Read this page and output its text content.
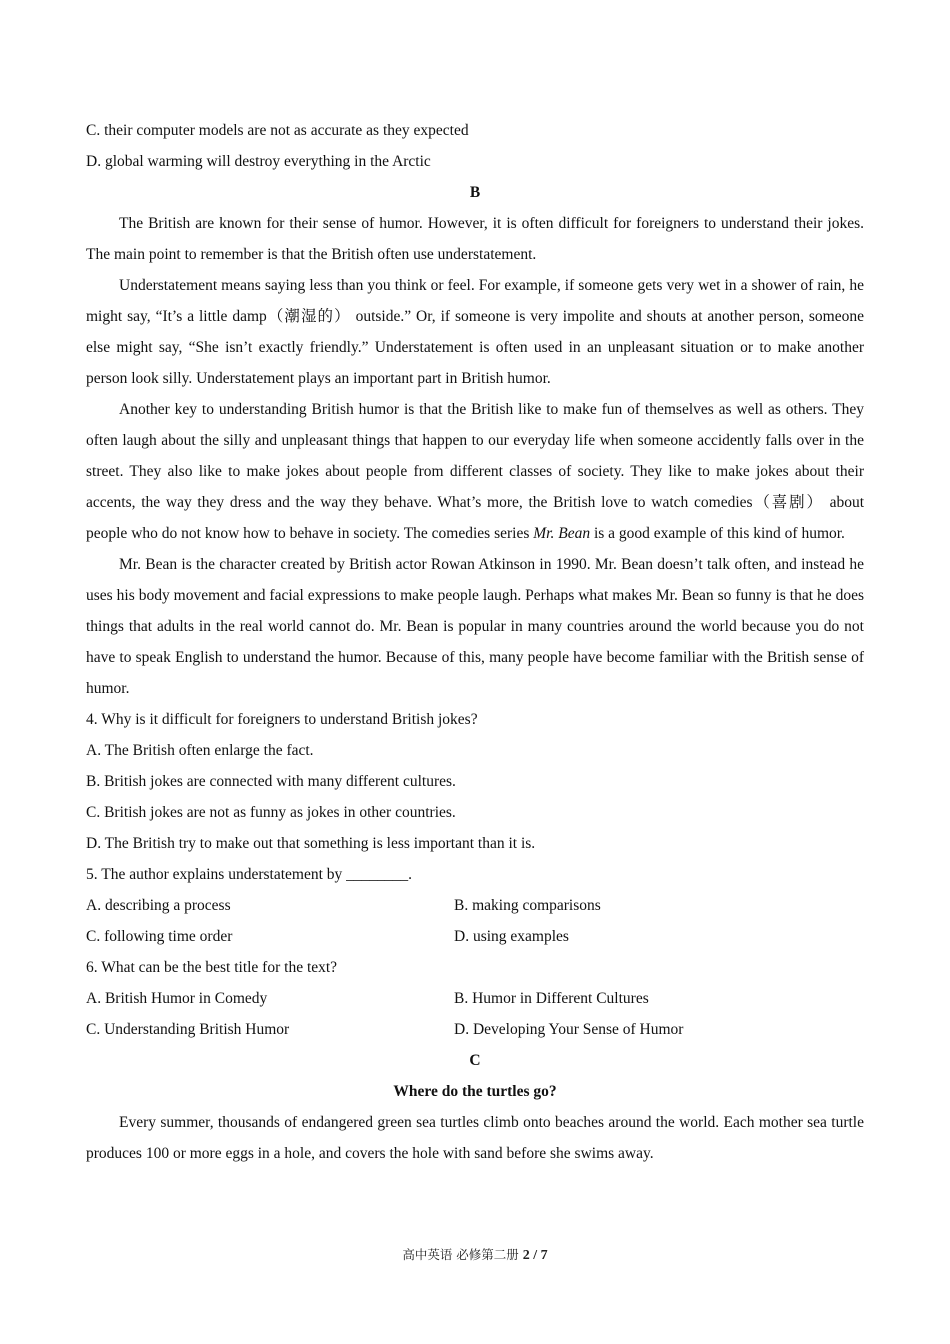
C. their computer models are not as accurate as they expected

D. global warming will destroy everything in the Arctic

B

The British are known for their sense of humor. However, it is often difficult for foreigners to understand their jokes. The main point to remember is that the British often use understatement.

Understatement means saying less than you think or feel. For example, if someone gets very wet in a shower of rain, he might say, “It’s a little damp（潮湿的） outside.” Or, if someone is very impolite and shouts at another person, someone else might say, “She isn’t exactly friendly.” Understatement is often used in an unpleasant situation or to make another person look silly. Understatement plays an important part in British humor.

Another key to understanding British humor is that the British like to make fun of themselves as well as others. They often laugh about the silly and unpleasant things that happen to our everyday life when someone accidently falls over in the street. They also like to make jokes about people from different classes of society. They like to make jokes about their accents, the way they dress and the way they behave. What’s more, the British love to watch comedies（喜剧） about people who do not know how to behave in society. The comedies series Mr. Bean is a good example of this kind of humor.

Mr. Bean is the character created by British actor Rowan Atkinson in 1990. Mr. Bean doesn’t talk often, and instead he uses his body movement and facial expressions to make people laugh. Perhaps what makes Mr. Bean so funny is that he does things that adults in the real world cannot do. Mr. Bean is popular in many countries around the world because you do not have to speak English to understand the humor. Because of this, many people have become familiar with the British sense of humor.

4. Why is it difficult for foreigners to understand British jokes?

A. The British often enlarge the fact.

B. British jokes are connected with many different cultures.

C. British jokes are not as funny as jokes in other countries.

D. The British try to make out that something is less important than it is.

5. The author explains understatement by ________.

A. describing a process	B. making comparisons
C. following time order	D. using examples

6. What can be the best title for the text?

A. British Humor in Comedy	B. Humor in Different Cultures
C. Understanding British Humor	D. Developing Your Sense of Humor

C

Where do the turtles go?

Every summer, thousands of endangered green sea turtles climb onto beaches around the world. Each mother sea turtle produces 100 or more eggs in a hole, and covers the hole with sand before she swims away.

高中英语 必修第二册 2 / 7
